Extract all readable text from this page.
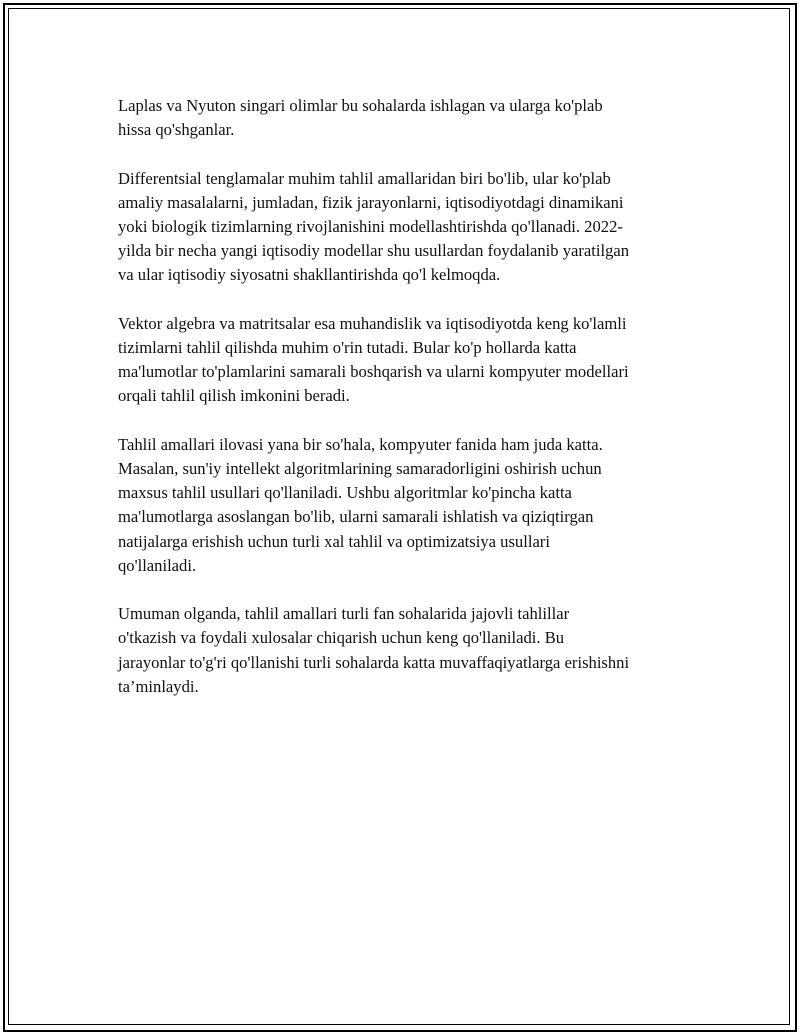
Laplas va Nyuton singari olimlar bu sohalarda ishlagan va ularga ko'plab
hissa qo'shganlar.

Differentsial tenglamalar muhim tahlil amallaridan biri bo'lib, ular ko'plab
amaliy masalalarni, jumladan, fizik jarayonlarni, iqtisodiyotdagi dinamikani
yoki biologik tizimlarning rivojlanishini modellashtirishda qo'llanadi. 2022-
yilda bir necha yangi iqtisodiy modellar shu usullardan foydalanib yaratilgan
va ular iqtisodiy siyosatni shakllantirishda qo'l kelmoqda.

Vektor algebra va matritsalar esa muhandislik va iqtisodiyotda keng ko'lamli
tizimlarni tahlil qilishda muhim o'rin tutadi. Bular ko'p hollarda katta
ma'lumotlar to'plamlarini samarali boshqarish va ularni kompyuter modellari
orqali tahlil qilish imkonini beradi.

Tahlil amallari ilovasi yana bir so'hala, kompyuter fanida ham juda katta.
Masalan, sun'iy intellekt algoritmlarining samaradorligini oshirish uchun
maxsus tahlil usullari qo'llaniladi. Ushbu algoritmlar ko'pincha katta
ma'lumotlarga asoslangan bo'lib, ularni samarali ishlatish va qiziqtirgan
natijalarga erishish uchun turli xal tahlil va optimizatsiya usullari
qo'llaniladi.

Umuman olganda, tahlil amallari turli fan sohalarida jajovli tahlillar
o'tkazish va foydali xulosalar chiqarish uchun keng qo'llaniladi. Bu
jarayonlar to'g'ri qo'llanishi turli sohalarda katta muvaffaqiyatlarga erishishni
ta’minlaydi.
